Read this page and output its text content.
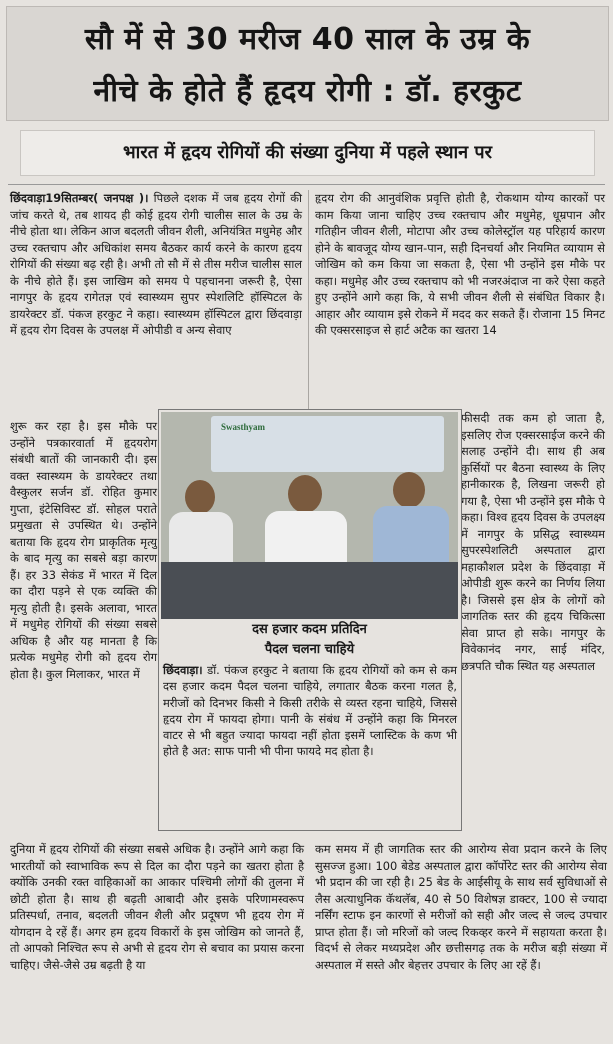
सौ में से 30 मरीज 40 साल के उम्र के
नीचे के होते हैं हृदय रोगी : डॉ. हरकुट
भारत में हृदय रोगियों की संख्या दुनिया में पहले स्थान पर

छिंदवाड़ा19सितम्बर( जनपक्ष )। पिछले दशक में जब हृदय रोगों की जांच करते थे, तब शायद ही कोई हृदय रोगी चालीस साल के उम्र के नीचे होता था। लेकिन आज बदलती जीवन शैली, अनियंत्रित मधुमेह और उच्च रक्तचाप और अधिकांश समय बैठकर कार्य करने के कारण हृदय रोगियों की संख्या बढ़ रही है। अभी तो सौ में से तीस मरीज चालीस साल के नीचे होते हैं। इस जाखिम को समय पे पहचानना जरूरी है, ऐसा नागपुर के हृदय रागेतज्ञ एवं स्वास्थ्यम सुपर स्पेशलिटि हॉस्पिटल के डायरेक्टर डॉ. पंकज हरकुट ने कहा। स्वास्थ्यम हॉस्पिटल द्वारा छिंदवाड़ा में हृदय रोग दिवस के उपलक्ष में ओपीडी व अन्य सेवाए

हृदय रोग की आनुवंशिक प्रवृत्ति होती है, रोकथाम योग्य कारकों पर काम किया जाना चाहिए उच्च रक्तचाप और मधुमेह, धूम्रपान और गतिहीन जीवन शैली, मोटापा और उच्च कोलेस्ट्रॉल यह परिहार्य कारण होने के बावजूद योग्य खान-पान, सही दिनचर्या और नियमित व्यायाम से जोखिम को कम किया जा सकता है, ऐसा भी उन्होंने इस मौके पर कहा। मधुमेह और उच्च रक्तचाप को भी नजरअंदाज ना करे ऐसा कहते हुए उन्होंने आगे कहा कि, ये सभी जीवन शैली से संबंधित विकार है। आहार और व्यायाम इसे रोकने में मदद कर सकते हैं। रोजाना 15 मिनट की एक्सरसाइज से हार्ट अटैक का खतरा 14

शुरू कर रहा है। इस मौके पर उन्होंने पत्रकारवार्ता में हृदयरोग संबंधी बातों की जानकारी दी। इस वक्त स्वास्थ्यम के डायरेक्टर तथा वैस्कुलर सर्जन डॉ. रोहित कुमार गुप्ता, इंटेसिविस्ट डॉ. सोहल पराते प्रमुखता से उपस्थित थे। उन्होंने बताया कि हृदय रोग प्राकृतिक मृत्यु के बाद मृत्यु का सबसे बड़ा कारण हैं। हर 33 सेकंड में भारत में दिल का दौरा पड़ने से एक व्यक्ति की मृत्यु होती है। इसके अलावा, भारत में मधुमेह रोगियों की संख्या सबसे अधिक है और यह मानता है कि प्रत्येक मधुमेह रोगी को हृदय रोग होता है। कुल मिलाकर, भारत में

फीसदी तक कम हो जाता है, इसलिए रोज एक्सरसाईज करने की सलाह उन्होंने दी। साथ ही अब कुर्सियों पर बैठना स्वास्थ्य के लिए हानीकारक है, लिखना जरूरी हो गया है, ऐसा भी उन्होंने इस मौके पे कहा। विश्व हृदय दिवस के उपलक्ष्य में नागपुर के प्रसिद्ध स्वास्थ्यम सुपरस्पेशलिटी अस्पताल द्वारा महाकौशल प्रदेश के छिंदवाड़ा में ओपीडी शुरू करने का निर्णय लिया है। जिससे इस क्षेत्र के लोगों को जागतिक स्तर की हृदय चिकित्सा सेवा प्राप्त हो सके। नागपुर के विवेकानंद नगर, साई मंदिर, छत्रपति चौक स्थित यह अस्पताल

Swasthyam
दस हजार कदम प्रतिदिन
पैदल चलना चाहिये
छिंदवाड़ा। डॉ. पंकज हरकुट ने बताया कि हृदय रोगियों को कम से कम दस हजार कदम पैदल चलना चाहिये, लगातार बैठक करना गलत है, मरीजों को दिनभर किसी ने किसी तरीके से व्यस्त रहना चाहिये, जिससे हृदय रोग में फायदा होगा। पानी के संबंध में उन्होंने कहा कि मिनरल वाटर से भी बहुत ज्यादा फायदा नहीं होता इसमें प्लास्टिक के कण भी होते है अत: साफ पानी भी पीना फायदे मद होता है।

दुनिया में हृदय रोगियों की संख्या सबसे अधिक है। उन्होंने आगे कहा कि भारतीयों को स्वाभाविक रूप से दिल का दौरा पड़ने का खतरा होता है क्योंकि उनकी रक्त वाहिकाओं का आकार पश्चिमी लोगों की तुलना में छोटी होता है। साथ ही बढ़ती आबादी और इसके परिणामस्वरूप प्रतिस्पर्धा, तनाव, बदलती जीवन शैली और प्रदूषण भी हृदय रोग में योगदान दे रहें हैं। अगर हम हृदय विकारों के इस जोखिम को जानते हैं, तो आपको निश्चित रूप से अभी से हृदय रोग से बचाव का प्रयास करना चाहिए। जैसे-जैसे उम्र बढ़ती है या

कम समय में ही जागतिक स्तर की आरोग्य सेवा प्रदान करने के लिए सुसज्ज हुआ। 100 बेडेड अस्पताल द्वारा कॉर्पोरेट स्तर की आरोग्य सेवा भी प्रदान की जा रही है। 25 बेड के आईसीयू के साथ सर्व सुविधाओं से लैस अत्याधुनिक कॅथलॅब, 40 से 50 विशेषज्ञ डाक्टर, 100 से ज्यादा नर्सिंग स्टाफ इन कारणों से मरीजों को सही और जल्द से जल्द उपचार प्राप्त होता हैं। जो मरिजों को जल्द रिकव्हर करने में सहायता करता है। विदर्भ से लेकर मध्यप्रदेश और छत्तीसगढ़ तक के मरीज बड़ी संख्या में अस्पताल में सस्ते और बेहत्तर उपचार के लिए आ रहें हैं।
